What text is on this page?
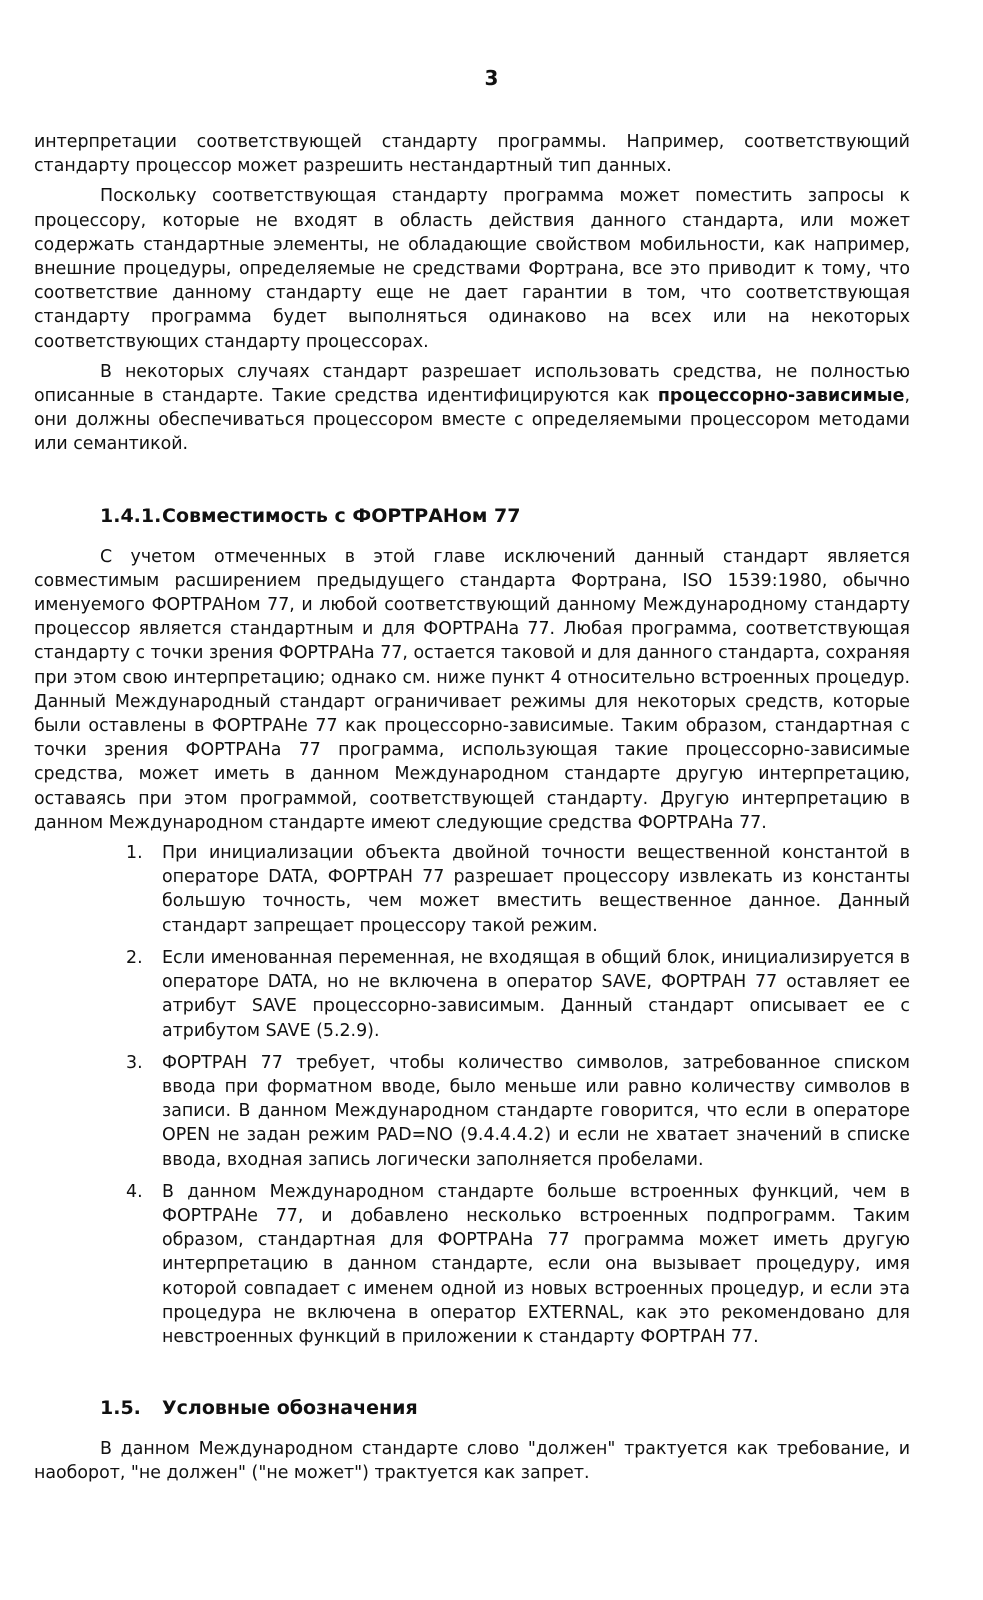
3

интерпретации соответствующей стандарту программы. Например, соответствующий стандарту процессор может разрешить нестандартный тип данных.

Поскольку соответствующая стандарту программа может поместить запросы к процессору, которые не входят в область действия данного стандарта, или может содержать стандартные элементы, не обладающие свойством мобильности, как например, внешние процедуры, определяемые не средствами Фортрана, все это приводит к тому, что соответствие данному стандарту еще не дает гарантии в том, что соответствующая стандарту программа будет выполняться одинаково на всех или на некоторых соответствующих стандарту процессорах.

В некоторых случаях стандарт разрешает использовать средства, не полностью описанные в стандарте. Такие средства идентифицируются как процессорно-зависимые, они должны обеспечиваться процессором вместе с определяемыми процессором методами или семантикой.

1.4.1.Совместимость с ФОРТРАНом 77

С учетом отмеченных в этой главе исключений данный стандарт является совместимым расширением предыдущего стандарта Фортрана, ISO 1539:1980, обычно именуемого ФОРТРАНом 77, и любой соответствующий данному Международному стандарту процессор является стандартным и для ФОРТРАНа 77. Любая программа, соответствующая стандарту с точки зрения ФОРТРАНа 77, остается таковой и для данного стандарта, сохраняя при этом свою интерпретацию; однако см. ниже пункт 4 относительно встроенных процедур. Данный Международный стандарт ограничивает режимы для некоторых средств, которые были оставлены в ФОРТРАНе 77 как процессорно-зависимые. Таким образом, стандартная с точки зрения ФОРТРАНа 77 программа, использующая такие процессорно-зависимые средства, может иметь в данном Международном стандарте другую интерпретацию, оставаясь при этом программой, соответствующей стандарту. Другую интерпретацию в данном Международном стандарте имеют следующие средства ФОРТРАНа 77.

1. При инициализации объекта двойной точности вещественной константой в операторе DATA, ФОРТРАН 77 разрешает процессору извлекать из константы большую точность, чем может вместить вещественное данное. Данный стандарт запрещает процессору такой режим.

2. Если именованная переменная, не входящая в общий блок, инициализируется в операторе DATA, но не включена в оператор SAVE, ФОРТРАН 77 оставляет ее атрибут SAVE процессорно-зависимым. Данный стандарт описывает ее с атрибутом SAVE (5.2.9).

3. ФОРТРАН 77 требует, чтобы количество символов, затребованное списком ввода при форматном вводе, было меньше или равно количеству символов в записи. В данном Международном стандарте говорится, что если в операторе OPEN не задан режим PAD=NO (9.4.4.4.2) и если не хватает значений в списке ввода, входная запись логически заполняется пробелами.

4. В данном Международном стандарте больше встроенных функций, чем в ФОРТРАНе 77, и добавлено несколько встроенных подпрограмм. Таким образом, стандартная для ФОРТРАНа 77 программа может иметь другую интерпретацию в данном стандарте, если она вызывает процедуру, имя которой совпадает с именем одной из новых встроенных процедур, и если эта процедура не включена в оператор EXTERNAL, как это рекомендовано для невстроенных функций в приложении к стандарту ФОРТРАН 77.

1.5. Условные обозначения

В данном Международном стандарте слово "должен" трактуется как требование, и наоборот, "не должен" ("не может") трактуется как запрет.
